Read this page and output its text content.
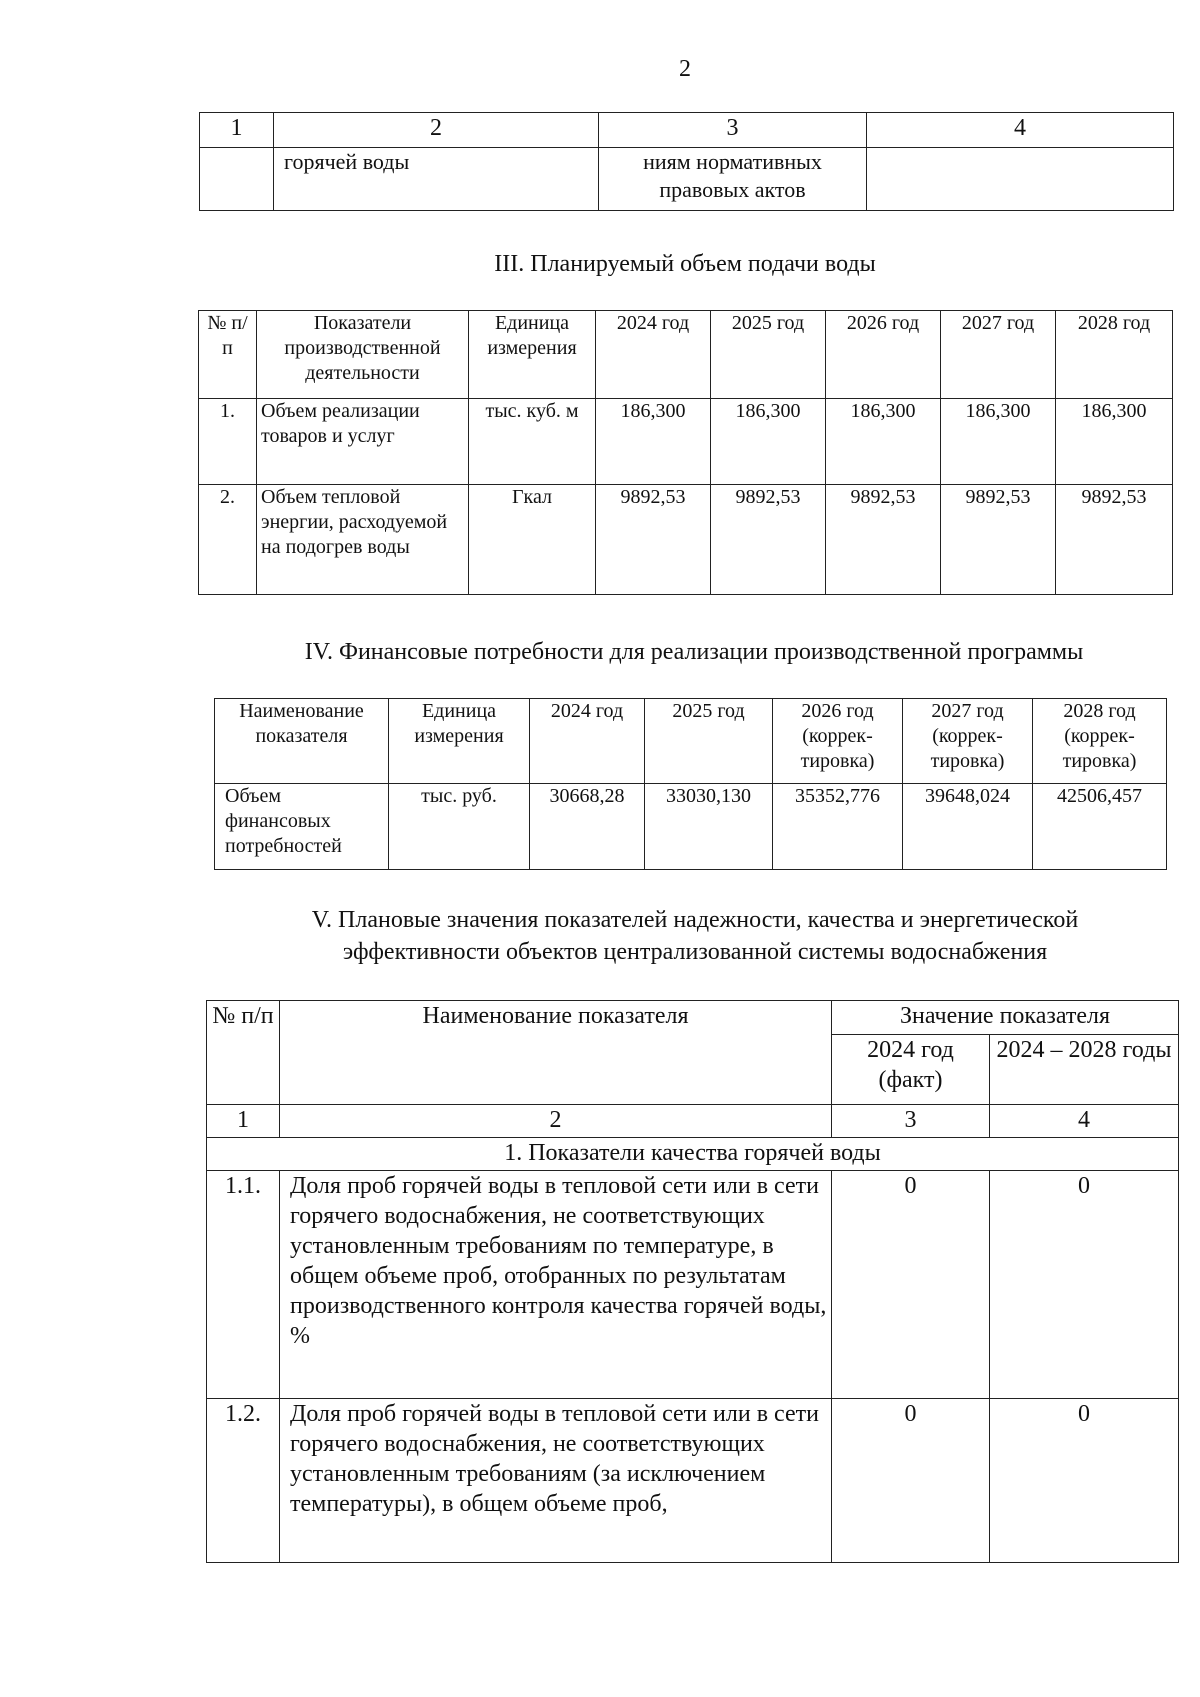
2
1	2	3	4
	горячей воды	ниям нормативных правовых актов	
III. Планируемый объем подачи воды
№ п/п	Показатели производственной деятельности	Единица измерения	2024 год	2025 год	2026 год	2027 год	2028 год
1.	Объем реализации товаров и услуг	тыс. куб. м	186,300	186,300	186,300	186,300	186,300
2.	Объем тепловой энергии, расходуемой на подогрев воды	Гкал	9892,53	9892,53	9892,53	9892,53	9892,53
IV. Финансовые потребности для реализации производственной программы
Наименование показателя	Единица измерения	2024 год	2025 год	2026 год (коррек-тировка)	2027 год (коррек-тировка)	2028 год (коррек-тировка)
Объем финансовых потребностей	тыс. руб.	30668,28	33030,130	35352,776	39648,024	42506,457
V. Плановые значения показателей надежности, качества и энергетической
эффективности объектов централизованной системы водоснабжения
№ п/п	Наименование показателя	Значение показателя	
		2024 год (факт)	2024 – 2028 годы
1	2	3	4
1. Показатели качества горячей воды			
1.1.	Доля проб горячей воды в тепловой сети или в сети горячего водоснабжения, не соответствующих установленным требованиям по температуре, в общем объеме проб, отобранных по результатам производственного контроля качества горячей воды, %	0	0
1.2.	Доля проб горячей воды в тепловой сети или в сети горячего водоснабжения, не соответствующих установленным требованиям (за исключением температуры), в общем объеме проб,	0	0
